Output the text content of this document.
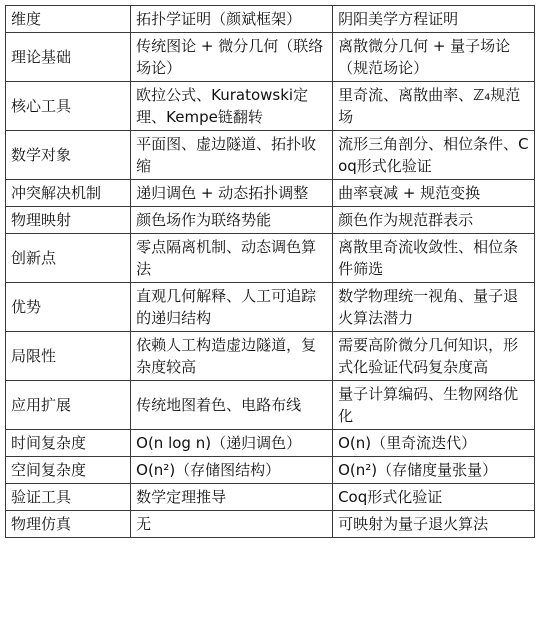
维度	拓扑学证明（颜斌框架）	阴阳美学方程证明
理论基础	传统图论 + 微分几何（联络场论）	离散微分几何 + 量子场论（规范场论）
核心工具	欧拉公式、Kuratowski定理、Kempe链翻转	里奇流、离散曲率、ℤ₄规范场
数学对象	平面图、虚边隧道、拓扑收缩	流形三角剖分、相位条件、Coq形式化验证
冲突解决机制	递归调色 + 动态拓扑调整	曲率衰减 + 规范变换
物理映射	颜色场作为联络势能	颜色作为规范群表示
创新点	零点隔离机制、动态调色算法	离散里奇流收敛性、相位条件筛选
优势	直观几何解释、人工可追踪的递归结构	数学物理统一视角、量子退火算法潜力
局限性	依赖人工构造虚边隧道，复杂度较高	需要高阶微分几何知识，形式化验证代码复杂度高
应用扩展	传统地图着色、电路布线	量子计算编码、生物网络优化
时间复杂度	O(n log n)（递归调色）	O(n)（里奇流迭代）
空间复杂度	O(n²)（存储图结构）	O(n²)（存储度量张量）
验证工具	数学定理推导	Coq形式化验证
物理仿真	无	可映射为量子退火算法
